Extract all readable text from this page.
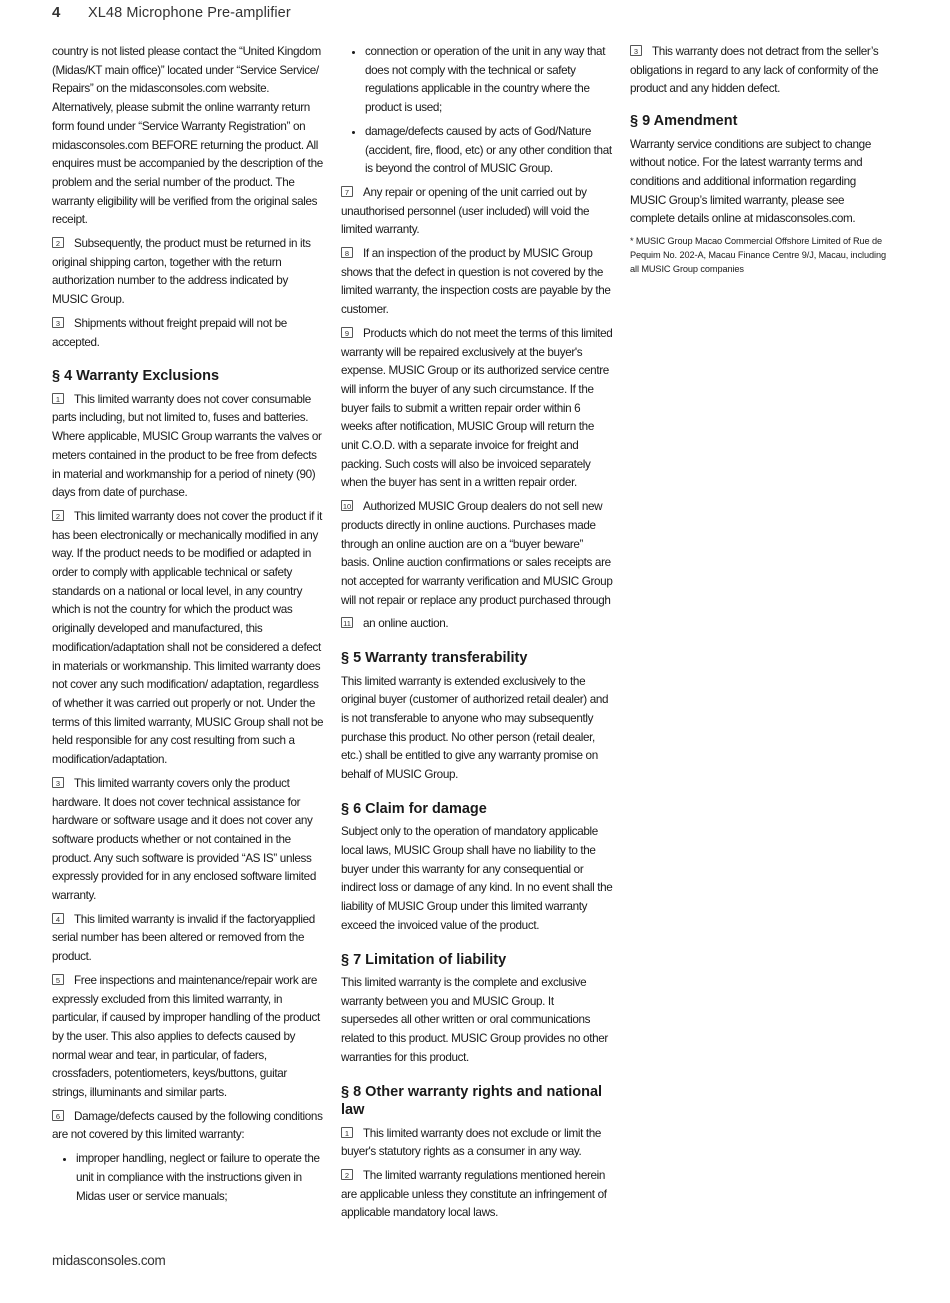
4 XL48 Microphone Pre-amplifier

country is not listed please contact the “United Kingdom (Midas/KT main office)” located under “Service Service/ Repairs” on the midasconsoles.com website. Alternatively, please submit the online warranty return form found under “Service Warranty Registration” on midasconsoles.com BEFORE returning the product. All enquires must be accompanied by the description of the problem and the serial number of the product. The warranty eligibility will be verified from the original sales receipt.

2 Subsequently, the product must be returned in its original shipping carton, together with the return authorization number to the address indicated by MUSIC Group.

3 Shipments without freight prepaid will not be accepted.

§ 4 Warranty Exclusions

1 This limited warranty does not cover consumable parts including, but not limited to, fuses and batteries. Where applicable, MUSIC Group warrants the valves or meters contained in the product to be free from defects in material and workmanship for a period of ninety (90) days from date of purchase.

2 This limited warranty does not cover the product if it has been electronically or mechanically modified in any way. If the product needs to be modified or adapted in order to comply with applicable technical or safety standards on a national or local level, in any country which is not the country for which the product was originally developed and manufactured, this modification/adaptation shall not be considered a defect in materials or workmanship. This limited warranty does not cover any such modification/ adaptation, regardless of whether it was carried out properly or not. Under the terms of this limited warranty, MUSIC Group shall not be held responsible for any cost resulting from such a modification/adaptation.

3 This limited warranty covers only the product hardware. It does not cover technical assistance for hardware or software usage and it does not cover any software products whether or not contained in the product. Any such software is provided “AS IS” unless expressly provided for in any enclosed software limited warranty.

4 This limited warranty is invalid if the factoryapplied serial number has been altered or removed from the product.

5 Free inspections and maintenance/repair work are expressly excluded from this limited warranty, in particular, if caused by improper handling of the product by the user. This also applies to defects caused by normal wear and tear, in particular, of faders, crossfaders, potentiometers, keys/buttons, guitar strings, illuminants and similar parts.

6 Damage/defects caused by the following conditions are not covered by this limited warranty:

• improper handling, neglect or failure to operate the unit in compliance with the instructions given in Midas user or service manuals;
• connection or operation of the unit in any way that does not comply with the technical or safety regulations applicable in the country where the product is used;
• damage/defects caused by acts of God/Nature (accident, fire, flood, etc) or any other condition that is beyond the control of MUSIC Group.

7 Any repair or opening of the unit carried out by unauthorised personnel (user included) will void the limited warranty.

8 If an inspection of the product by MUSIC Group shows that the defect in question is not covered by the limited warranty, the inspection costs are payable by the customer.

9 Products which do not meet the terms of this limited warranty will be repaired exclusively at the buyer's expense. MUSIC Group or its authorized service centre will inform the buyer of any such circumstance. If the buyer fails to submit a written repair order within 6 weeks after notification, MUSIC Group will return the unit C.O.D. with a separate invoice for freight and packing. Such costs will also be invoiced separately when the buyer has sent in a written repair order.

10 Authorized MUSIC Group dealers do not sell new products directly in online auctions. Purchases made through an online auction are on a “buyer beware” basis. Online auction confirmations or sales receipts are not accepted for warranty verification and MUSIC Group will not repair or replace any product purchased through

11 an online auction.

§ 5 Warranty transferability

This limited warranty is extended exclusively to the original buyer (customer of authorized retail dealer) and is not transferable to anyone who may subsequently purchase this product. No other person (retail dealer, etc.) shall be entitled to give any warranty promise on behalf of MUSIC Group.

§ 6 Claim for damage

Subject only to the operation of mandatory applicable local laws, MUSIC Group shall have no liability to the buyer under this warranty for any consequential or indirect loss or damage of any kind. In no event shall the liability of MUSIC Group under this limited warranty exceed the invoiced value of the product.

§ 7 Limitation of liability

This limited warranty is the complete and exclusive warranty between you and MUSIC Group. It supersedes all other written or oral communications related to this product. MUSIC Group provides no other warranties for this product.

§ 8 Other warranty rights and national law

1 This limited warranty does not exclude or limit the buyer's statutory rights as a consumer in any way.

2 The limited warranty regulations mentioned herein are applicable unless they constitute an infringement of applicable mandatory local laws.

3 This warranty does not detract from the seller’s obligations in regard to any lack of conformity of the product and any hidden defect.

§ 9 Amendment

Warranty service conditions are subject to change without notice. For the latest warranty terms and conditions and additional information regarding MUSIC Group’s limited warranty, please see complete details online at midasconsoles.com.

* MUSIC Group Macao Commercial Offshore Limited of Rue de Pequim No. 202-A, Macau Finance Centre 9/J, Macau, including all MUSIC Group companies

midasconsoles.com
